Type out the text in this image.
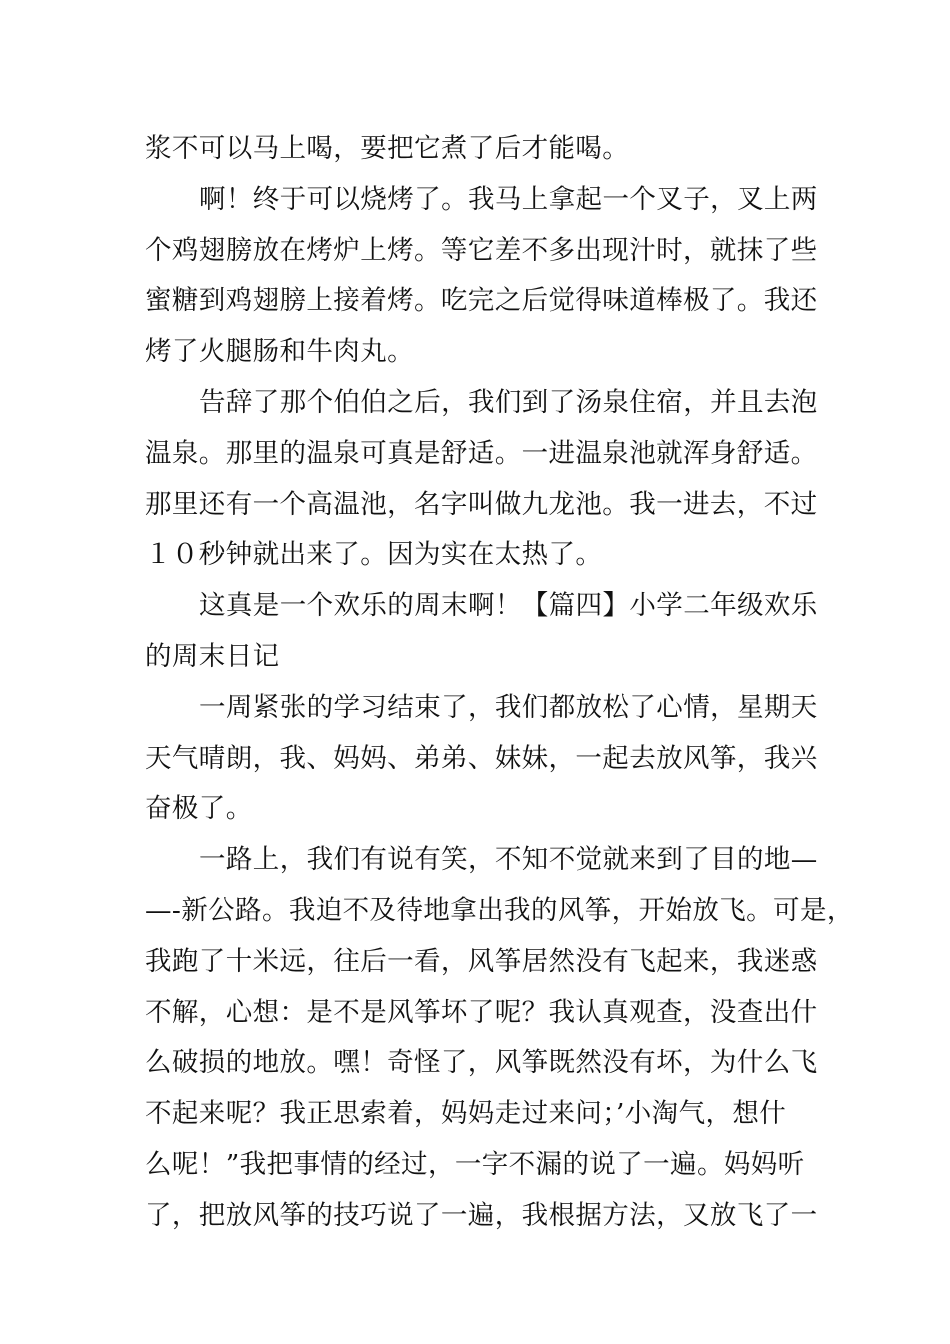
浆不可以马上喝，要把它煮了后才能喝。
啊！终于可以烧烤了。我马上拿起一个叉子，叉上两
个鸡翅膀放在烤炉上烤。等它差不多出现汁时，就抹了些
蜜糖到鸡翅膀上接着烤。吃完之后觉得味道棒极了。我还
烤了火腿肠和牛肉丸。
告辞了那个伯伯之后，我们到了汤泉住宿，并且去泡
温泉。那里的温泉可真是舒适。一进温泉池就浑身舒适。
那里还有一个高温池，名字叫做九龙池。我一进去，不过
１０秒钟就出来了。因为实在太热了。
这真是一个欢乐的周末啊！【篇四】小学二年级欢乐
的周末日记
一周紧张的学习结束了，我们都放松了心情，星期天
天气晴朗，我、妈妈、弟弟、妹妹，一起去放风筝，我兴
奋极了。
一路上，我们有说有笑，不知不觉就来到了目的地—
—-新公路。我迫不及待地拿出我的风筝，开始放飞。可是，
我跑了十米远，往后一看，风筝居然没有飞起来，我迷惑
不解，心想：是不是风筝坏了呢？我认真观查，没查出什
么破损的地放。嘿！奇怪了，风筝既然没有坏，为什么飞
不起来呢？我正思索着，妈妈走过来问；’小淘气，想什
么呢！”我把事情的经过，一字不漏的说了一遍。妈妈听
了，把放风筝的技巧说了一遍，我根据方法，又放飞了一
